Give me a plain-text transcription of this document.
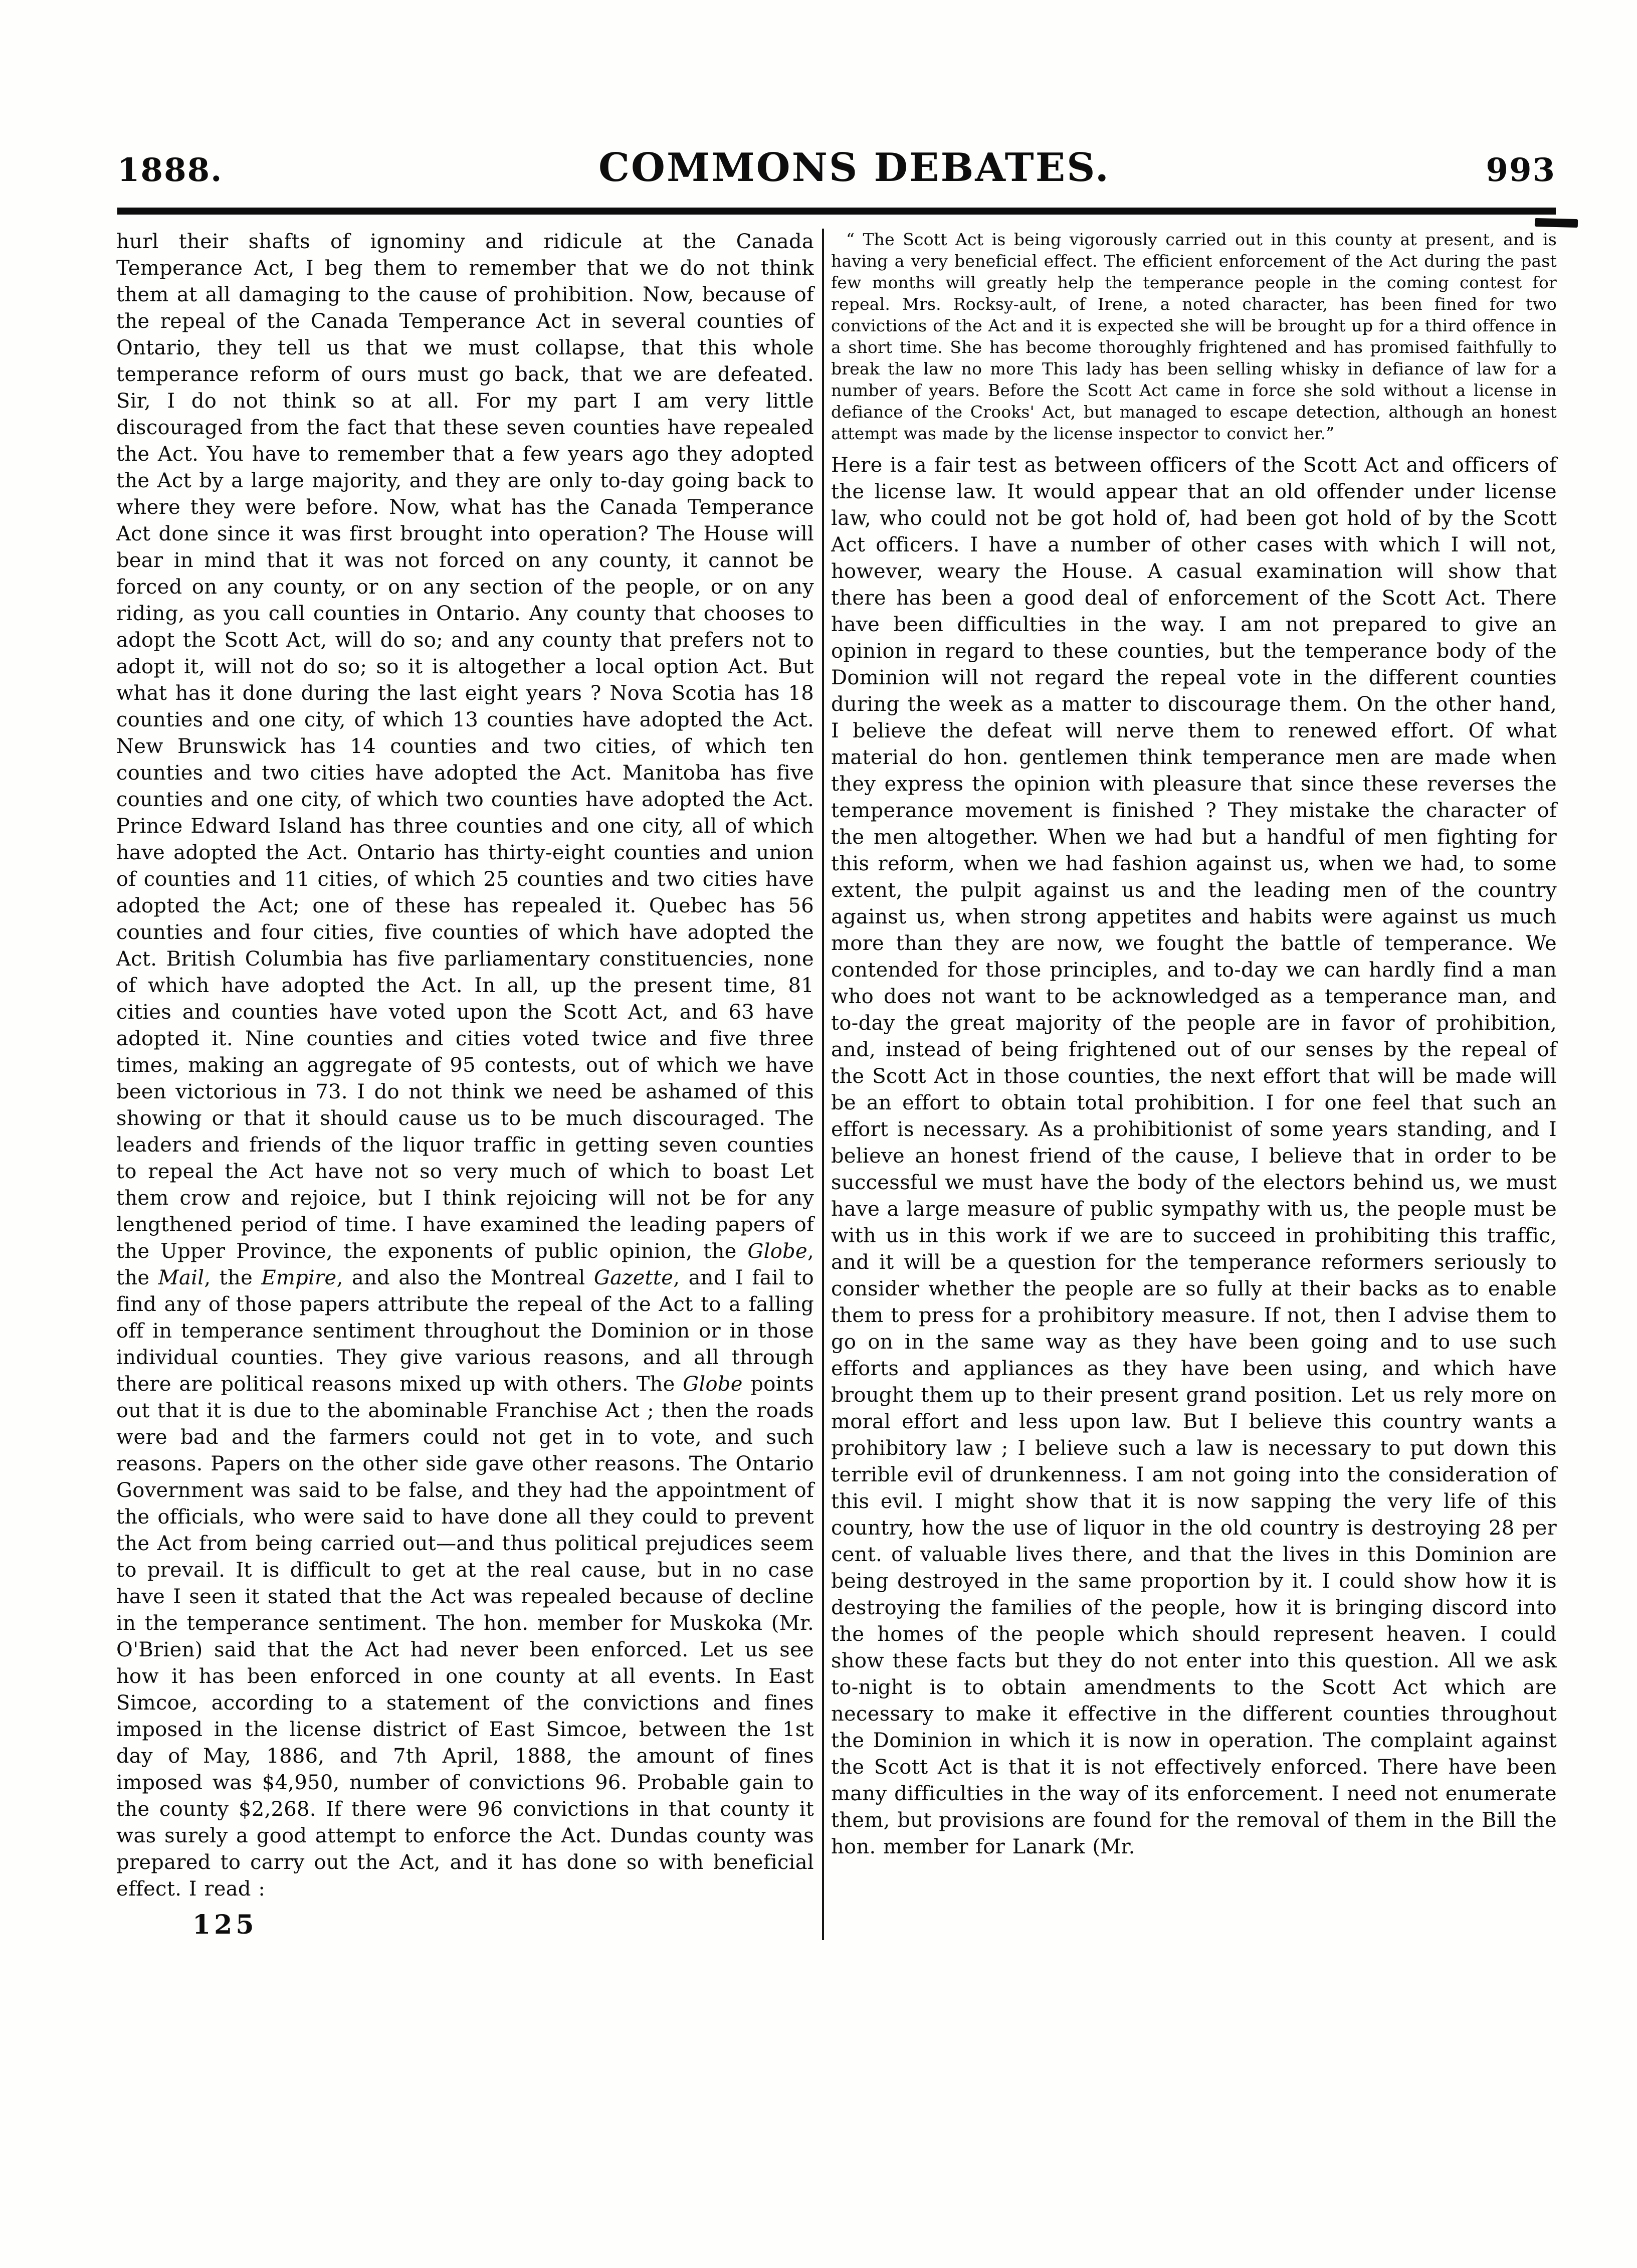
1888.	COMMONS DEBATES.	993

hurl their shafts of ignominy and ridicule at the Canada Temperance Act, I beg them to remember that we do not think them at all damaging to the cause of prohibition. Now, because of the repeal of the Canada Temperance Act in several counties of Ontario, they tell us that we must collapse, that this whole temperance reform of ours must go back, that we are defeated. Sir, I do not think so at all. For my part I am very little discouraged from the fact that these seven counties have repealed the Act. You have to remember that a few years ago they adopted the Act by a large majority, and they are only to-day going back to where they were before. Now, what has the Canada Temperance Act done since it was first brought into operation? The House will bear in mind that it was not forced on any county, it cannot be forced on any county, or on any section of the people, or on any riding, as you call counties in Ontario. Any county that chooses to adopt the Scott Act, will do so; and any county that prefers not to adopt it, will not do so; so it is altogether a local option Act. But what has it done during the last eight years ? Nova Scotia has 18 counties and one city, of which 13 counties have adopted the Act. New Brunswick has 14 counties and two cities, of which ten counties and two cities have adopted the Act. Manitoba has five counties and one city, of which two counties have adopted the Act. Prince Edward Island has three counties and one city, all of which have adopted the Act. Ontario has thirty-eight counties and union of counties and 11 cities, of which 25 counties and two cities have adopted the Act; one of these has repealed it. Quebec has 56 counties and four cities, five counties of which have adopted the Act. British Columbia has five parliamentary constituencies, none of which have adopted the Act. In all, up the present time, 81 cities and counties have voted upon the Scott Act, and 63 have adopted it. Nine counties and cities voted twice and five three times, making an aggregate of 95 contests, out of which we have been victorious in 73. I do not think we need be ashamed of this showing or that it should cause us to be much discouraged. The leaders and friends of the liquor traffic in getting seven counties to repeal the Act have not so very much of which to boast Let them crow and rejoice, but I think rejoicing will not be for any lengthened period of time. I have examined the leading papers of the Upper Province, the exponents of public opinion, the Globe, the Mail, the Empire, and also the Montreal Gazette, and I fail to find any of those papers attribute the repeal of the Act to a falling off in temperance sentiment throughout the Dominion or in those individual counties. They give various reasons, and all through there are political reasons mixed up with others. The Globe points out that it is due to the abominable Franchise Act ; then the roads were bad and the farmers could not get in to vote, and such reasons. Papers on the other side gave other reasons. The Ontario Government was said to be false, and they had the appointment of the officials, who were said to have done all they could to prevent the Act from being carried out—and thus political prejudices seem to prevail. It is difficult to get at the real cause, but in no case have I seen it stated that the Act was repealed because of decline in the temperance sentiment. The hon. member for Muskoka (Mr. O'Brien) said that the Act had never been enforced. Let us see how it has been enforced in one county at all events. In East Simcoe, according to a statement of the convictions and fines imposed in the license district of East Simcoe, between the 1st day of May, 1886, and 7th April, 1888, the amount of fines imposed was $4,950, number of convictions 96. Probable gain to the county $2,268. If there were 96 convictions in that county it was surely a good attempt to enforce the Act. Dundas county was prepared to carry out the Act, and it has done so with beneficial effect. I read :

125

“ The Scott Act is being vigorously carried out in this county at present, and is having a very beneficial effect. The efficient enforcement of the Act during the past few months will greatly help the temperance people in the coming contest for repeal. Mrs. Rocksy-ault, of Irene, a noted character, has been fined for two convictions of the Act and it is expected she will be brought up for a third offence in a short time. She has become thoroughly frightened and has promised faithfully to break the law no more This lady has been selling whisky in defiance of law for a number of years. Before the Scott Act came in force she sold without a license in defiance of the Crooks' Act, but managed to escape detection, although an honest attempt was made by the license inspector to convict her.”

Here is a fair test as between officers of the Scott Act and officers of the license law. It would appear that an old offender under license law, who could not be got hold of, had been got hold of by the Scott Act officers. I have a number of other cases with which I will not, however, weary the House. A casual examination will show that there has been a good deal of enforcement of the Scott Act. There have been difficulties in the way. I am not prepared to give an opinion in regard to these counties, but the temperance body of the Dominion will not regard the repeal vote in the different counties during the week as a matter to discourage them. On the other hand, I believe the defeat will nerve them to renewed effort. Of what material do hon. gentlemen think temperance men are made when they express the opinion with pleasure that since these reverses the temperance movement is finished ? They mistake the character of the men altogether. When we had but a handful of men fighting for this reform, when we had fashion against us, when we had, to some extent, the pulpit against us and the leading men of the country against us, when strong appetites and habits were against us much more than they are now, we fought the battle of temperance. We contended for those principles, and to-day we can hardly find a man who does not want to be acknowledged as a temperance man, and to-day the great majority of the people are in favor of prohibition, and, instead of being frightened out of our senses by the repeal of the Scott Act in those counties, the next effort that will be made will be an effort to obtain total prohibition. I for one feel that such an effort is necessary. As a prohibitionist of some years standing, and I believe an honest friend of the cause, I believe that in order to be successful we must have the body of the electors behind us, we must have a large measure of public sympathy with us, the people must be with us in this work if we are to succeed in prohibiting this traffic, and it will be a question for the temperance reformers seriously to consider whether the people are so fully at their backs as to enable them to press for a prohibitory measure. If not, then I advise them to go on in the same way as they have been going and to use such efforts and appliances as they have been using, and which have brought them up to their present grand position. Let us rely more on moral effort and less upon law. But I believe this country wants a prohibitory law ; I believe such a law is necessary to put down this terrible evil of drunkenness. I am not going into the consideration of this evil. I might show that it is now sapping the very life of this country, how the use of liquor in the old country is destroying 28 per cent. of valuable lives there, and that the lives in this Dominion are being destroyed in the same proportion by it. I could show how it is destroying the families of the people, how it is bringing discord into the homes of the people which should represent heaven. I could show these facts but they do not enter into this question. All we ask to-night is to obtain amendments to the Scott Act which are necessary to make it effective in the different counties throughout the Dominion in which it is now in operation. The complaint against the Scott Act is that it is not effectively enforced. There have been many difficulties in the way of its enforcement. I need not enumerate them, but provisions are found for the removal of them in the Bill the hon. member for Lanark (Mr.
